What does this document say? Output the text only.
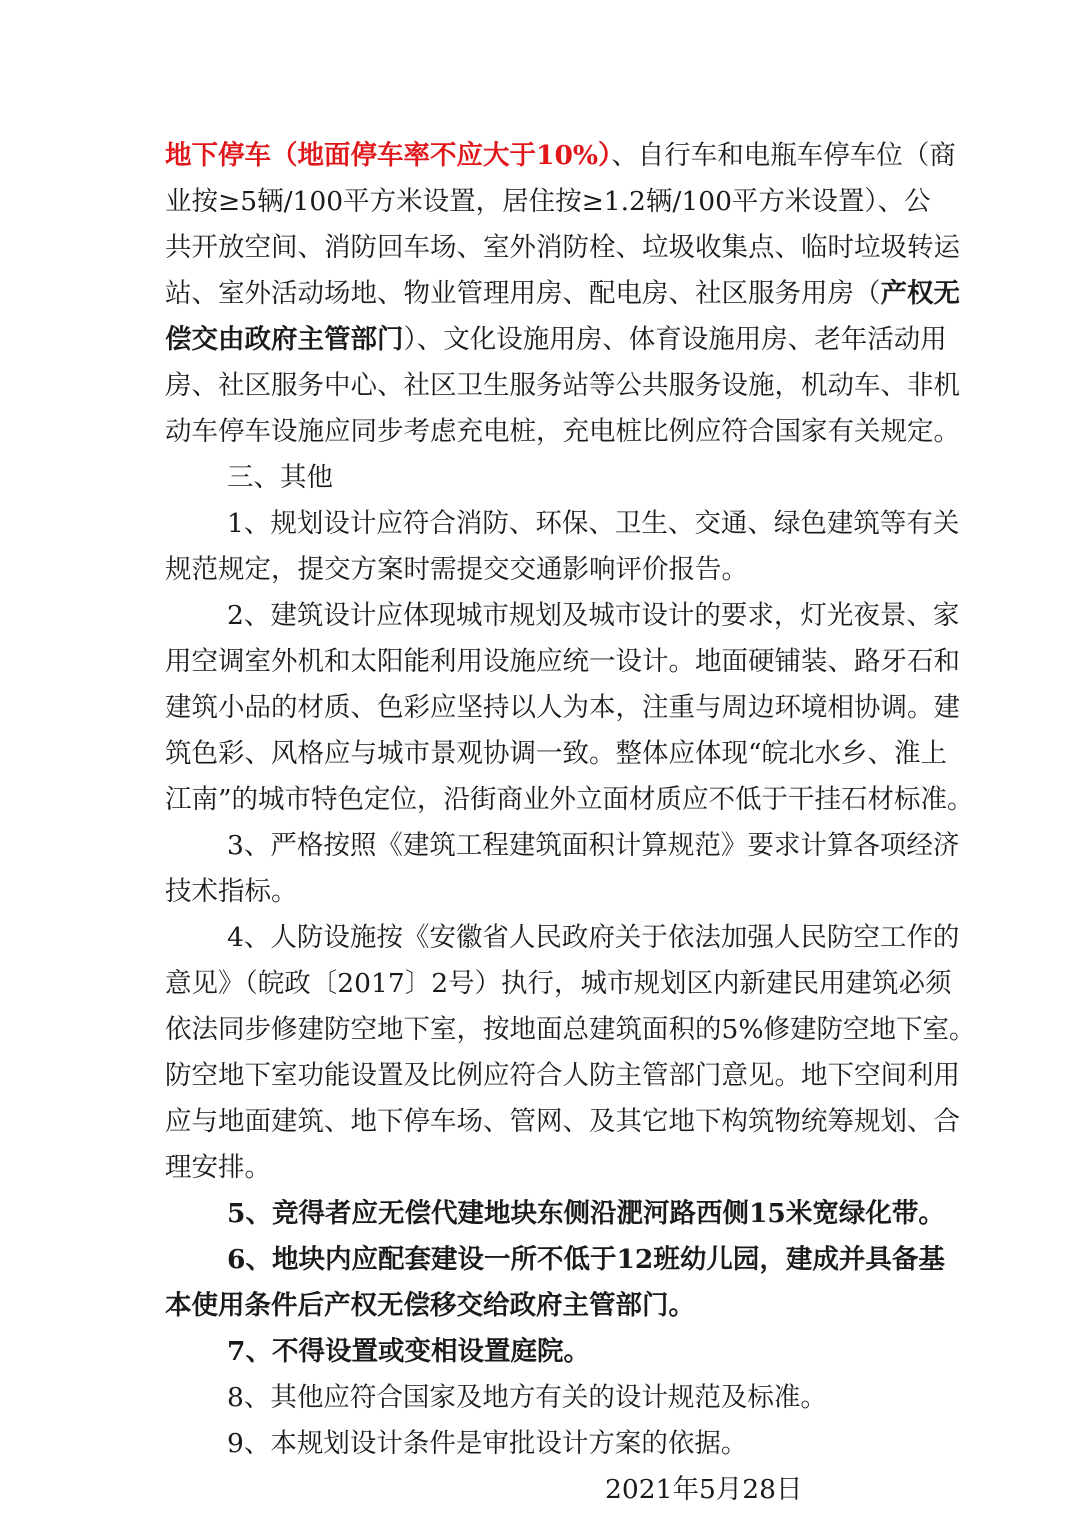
地下停车（地面停车率不应大于10%）、自行车和电瓶车停车位（商
业按≥5辆/100平方米设置，居住按≥1.2辆/100平方米设置）、公
共开放空间、消防回车场、室外消防栓、垃圾收集点、临时垃圾转运
站、室外活动场地、物业管理用房、配电房、社区服务用房（产权无
偿交由政府主管部门）、文化设施用房、体育设施用房、老年活动用
房、社区服务中心、社区卫生服务站等公共服务设施，机动车、非机
动车停车设施应同步考虑充电桩，充电桩比例应符合国家有关规定。
三、其他
1、规划设计应符合消防、环保、卫生、交通、绿色建筑等有关
规范规定，提交方案时需提交交通影响评价报告。
2、建筑设计应体现城市规划及城市设计的要求，灯光夜景、家
用空调室外机和太阳能利用设施应统一设计。地面硬铺装、路牙石和
建筑小品的材质、色彩应坚持以人为本，注重与周边环境相协调。建
筑色彩、风格应与城市景观协调一致。整体应体现“皖北水乡、淮上
江南”的城市特色定位，沿街商业外立面材质应不低于干挂石材标准。
3、严格按照《建筑工程建筑面积计算规范》要求计算各项经济
技术指标。
4、人防设施按《安徽省人民政府关于依法加强人民防空工作的
意见》（皖政〔2017〕2号）执行，城市规划区内新建民用建筑必须
依法同步修建防空地下室，按地面总建筑面积的5%修建防空地下室。
防空地下室功能设置及比例应符合人防主管部门意见。地下空间利用
应与地面建筑、地下停车场、管网、及其它地下构筑物统筹规划、合
理安排。
5、竞得者应无偿代建地块东侧沿淝河路西侧15米宽绿化带。
6、地块内应配套建设一所不低于12班幼儿园，建成并具备基
本使用条件后产权无偿移交给政府主管部门。
7、不得设置或变相设置庭院。
8、其他应符合国家及地方有关的设计规范及标准。
9、本规划设计条件是审批设计方案的依据。
2021年5月28日
